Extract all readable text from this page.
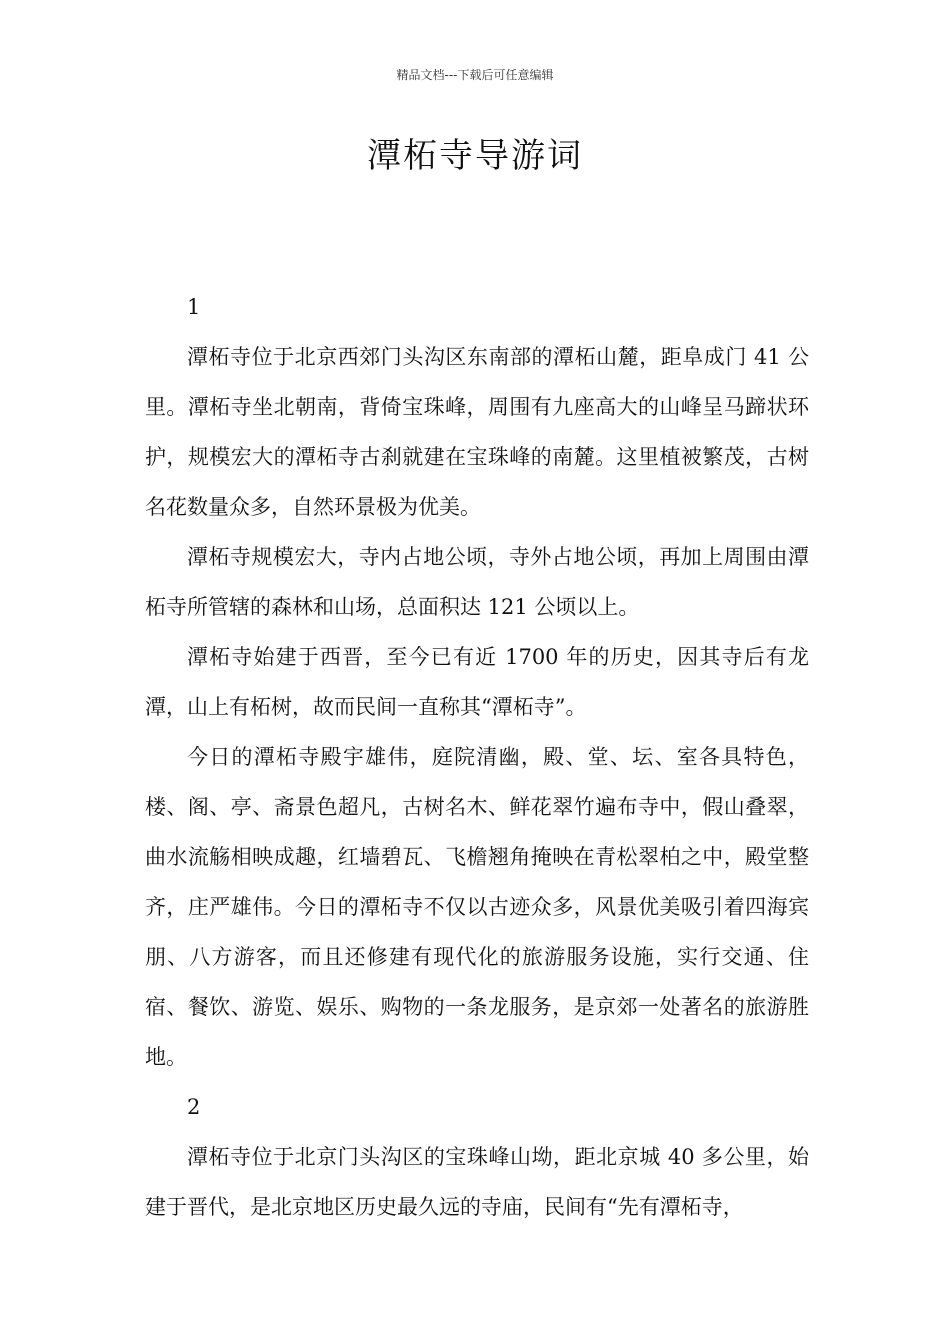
精品文档---下载后可任意编辑
潭柘寺导游词

1

潭柘寺位于北京西郊门头沟区东南部的潭柘山麓，距阜成门 41 公里。潭柘寺坐北朝南，背倚宝珠峰，周围有九座高大的山峰呈马蹄状环护，规模宏大的潭柘寺古刹就建在宝珠峰的南麓。这里植被繁茂，古树名花数量众多，自然环景极为优美。

潭柘寺规模宏大，寺内占地公顷，寺外占地公顷，再加上周围由潭柘寺所管辖的森林和山场，总面积达 121 公顷以上。

潭柘寺始建于西晋，至今已有近 1700 年的历史，因其寺后有龙潭，山上有柘树，故而民间一直称其“潭柘寺”。

今日的潭柘寺殿宇雄伟，庭院清幽，殿、堂、坛、室各具特色，楼、阁、亭、斋景色超凡，古树名木、鲜花翠竹遍布寺中，假山叠翠，曲水流觞相映成趣，红墙碧瓦、飞檐翘角掩映在青松翠柏之中，殿堂整齐，庄严雄伟。今日的潭柘寺不仅以古迹众多，风景优美吸引着四海宾朋、八方游客，而且还修建有现代化的旅游服务设施，实行交通、住宿、餐饮、游览、娱乐、购物的一条龙服务，是京郊一处著名的旅游胜地。

2

潭柘寺位于北京门头沟区的宝珠峰山坳，距北京城 40 多公里，始建于晋代，是北京地区历史最久远的寺庙，民间有“先有潭柘寺，
